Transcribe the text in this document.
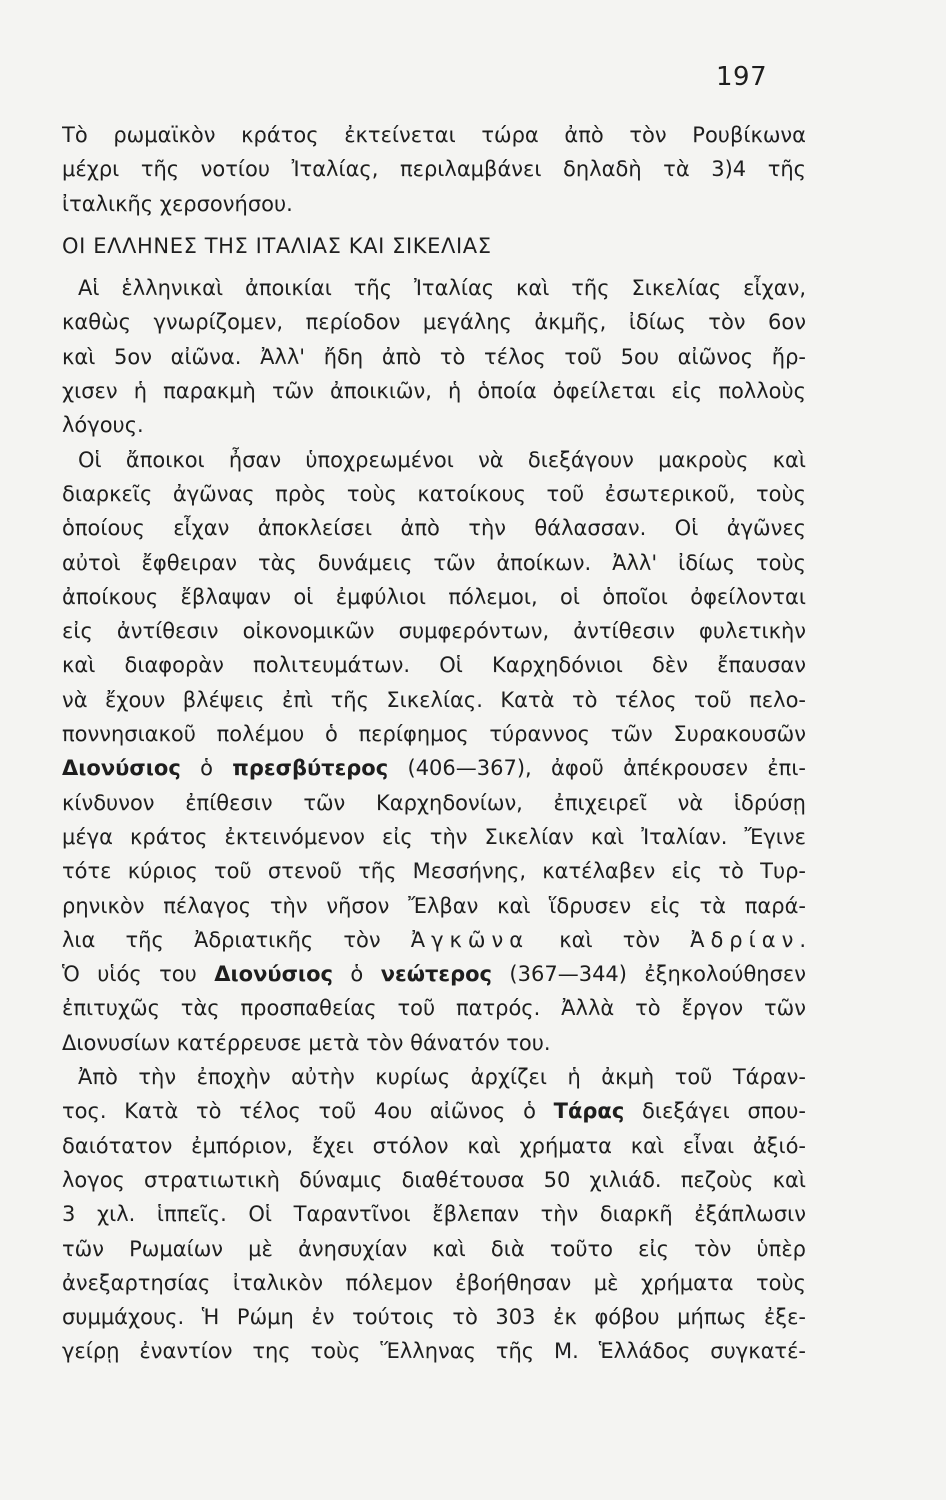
197
Τὸ ρωμαϊκὸν κράτος ἐκτείνεται τώρα ἀπὸ τὸν Ρουβίκωνα
μέχρι τῆς νοτίου Ἰταλίας, περιλαμβάνει δηλαδὴ τὰ 3)4 τῆς
ἰταλικῆς χερσονήσου.
ΟΙ ΕΛΛΗΝΕΣ ΤΗΣ ΙΤΑΛΙΑΣ ΚΑΙ ΣΙΚΕΛΙΑΣ
Αἱ ἑλληνικαὶ ἀποικίαι τῆς Ἰταλίας καὶ τῆς Σικελίας εἶχαν,
καθὼς γνωρίζομεν, περίοδον μεγάλης ἀκμῆς, ἰδίως τὸν 6ον
καὶ 5ον αἰῶνα. Ἀλλ' ἤδη ἀπὸ τὸ τέλος τοῦ 5ου αἰῶνος ἤρ-
χισεν ἡ παρακμὴ τῶν ἀποικιῶν, ἡ ὁποία ὀφείλεται εἰς πολλοὺς
λόγους.
Οἱ ἄποικοι ἦσαν ὑποχρεωμένοι νὰ διεξάγουν μακροὺς καὶ
διαρκεῖς ἀγῶνας πρὸς τοὺς κατοίκους τοῦ ἐσωτερικοῦ, τοὺς
ὁποίους εἶχαν ἀποκλείσει ἀπὸ τὴν θάλασσαν. Οἱ ἀγῶνες
αὐτοὶ ἔφθειραν τὰς δυνάμεις τῶν ἀποίκων. Ἀλλ' ἰδίως τοὺς
ἀποίκους ἔβλαψαν οἱ ἐμφύλιοι πόλεμοι, οἱ ὁποῖοι ὀφείλονται
εἰς ἀντίθεσιν οἰκονομικῶν συμφερόντων, ἀντίθεσιν φυλετικὴν
καὶ διαφορὰν πολιτευμάτων. Οἱ Καρχηδόνιοι δὲν ἔπαυσαν
νὰ ἔχουν βλέψεις ἐπὶ τῆς Σικελίας. Κατὰ τὸ τέλος τοῦ πελο-
ποννησιακοῦ πολέμου ὁ περίφημος τύραννος τῶν Συρακουσῶν
Διονύσιος ὁ πρεσβύτερος (406—367), ἀφοῦ ἀπέκρουσεν ἐπι-
κίνδυνον ἐπίθεσιν τῶν Καρχηδονίων, ἐπιχειρεῖ νὰ ἱδρύσῃ
μέγα κράτος ἐκτεινόμενον εἰς τὴν Σικελίαν καὶ Ἰταλίαν. Ἔγινε
τότε κύριος τοῦ στενοῦ τῆς Μεσσήνης, κατέλαβεν εἰς τὸ Τυρ-
ρηνικὸν πέλαγος τὴν νῆσον Ἔλβαν καὶ ἵδρυσεν εἰς τὰ παρά-
λια τῆς Ἀδριατικῆς τὸν Ἀγκῶνα καὶ τὸν Ἀδρίαν.
Ὁ υἱός του Διονύσιος ὁ νεώτερος (367—344) ἐξηκολούθησεν
ἐπιτυχῶς τὰς προσπαθείας τοῦ πατρός. Ἀλλὰ τὸ ἔργον τῶν
Διονυσίων κατέρρευσε μετὰ τὸν θάνατόν του.
Ἀπὸ τὴν ἐποχὴν αὐτὴν κυρίως ἀρχίζει ἡ ἀκμὴ τοῦ Τάραν-
τος. Κατὰ τὸ τέλος τοῦ 4ου αἰῶνος ὁ Τάρας διεξάγει σπου-
δαιότατον ἐμπόριον, ἔχει στόλον καὶ χρήματα καὶ εἶναι ἀξιό-
λογος στρατιωτικὴ δύναμις διαθέτουσα 50 χιλιάδ. πεζοὺς καὶ
3 χιλ. ἱππεῖς. Οἱ Ταραντῖνοι ἔβλεπαν τὴν διαρκῆ ἐξάπλωσιν
τῶν Ρωμαίων μὲ ἀνησυχίαν καὶ διὰ τοῦτο εἰς τὸν ὑπὲρ
ἀνεξαρτησίας ἰταλικὸν πόλεμον ἐβοήθησαν μὲ χρήματα τοὺς
συμμάχους. Ἡ Ρώμη ἐν τούτοις τὸ 303 ἐκ φόβου μήπως ἐξε-
γείρῃ ἐναντίον της τοὺς Ἕλληνας τῆς Μ. Ἑλλάδος συγκατέ-
